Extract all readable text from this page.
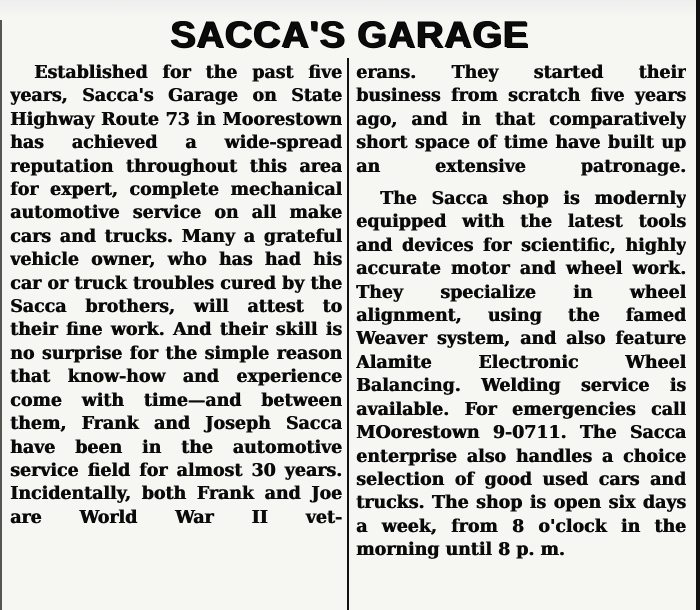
SACCA'S GARAGE

Established for the past five years, Sacca's Garage on State Highway Route 73 in Moorestown has achieved a wide-spread reputation throughout this area for expert, complete mechanical automotive service on all make cars and trucks. Many a grateful vehicle owner, who has had his car or truck troubles cured by the Sacca brothers, will attest to their fine work. And their skill is no surprise for the simple reason that know-how and experience come with time—and between them, Frank and Joseph Sacca have been in the automotive service field for almost 30 years. Incidentally, both Frank and Joe are World War II vet-

erans. They started their business from scratch five years ago, and in that comparatively short space of time have built up an extensive patronage.

The Sacca shop is modernly equipped with the latest tools and devices for scientific, highly accurate motor and wheel work. They specialize in wheel alignment, using the famed Weaver system, and also feature Alamite Electronic Wheel Balancing. Welding service is available. For emergencies call MOorestown 9-0711. The Sacca enterprise also handles a choice selection of good used cars and trucks. The shop is open six days a week, from 8 o'clock in the morning until 8 p. m.
